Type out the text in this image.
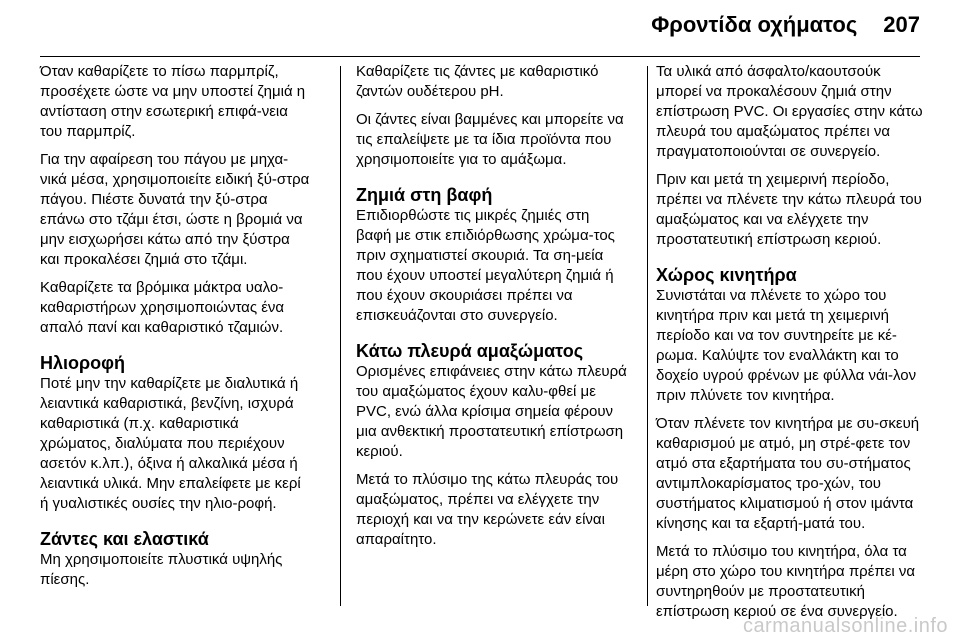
Φροντίδα οχήματος 207

Όταν καθαρίζετε το πίσω παρμπρίζ, προσέχετε ώστε να μην υποστεί ζημιά η αντίσταση στην εσωτερική επιφά-νεια του παρμπρίζ.

Για την αφαίρεση του πάγου με μηχα-νικά μέσα, χρησιμοποιείτε ειδική ξύ-στρα πάγου. Πιέστε δυνατά την ξύ-στρα επάνω στο τζάμι έτσι, ώστε η βρομιά να μην εισχωρήσει κάτω από την ξύστρα και προκαλέσει ζημιά στο τζάμι.

Καθαρίζετε τα βρόμικα μάκτρα υαλο-καθαριστήρων χρησιμοποιώντας ένα απαλό πανί και καθαριστικό τζαμιών.

Ηλιοροφή

Ποτέ μην την καθαρίζετε με διαλυτικά ή λειαντικά καθαριστικά, βενζίνη, ισχυρά καθαριστικά (π.χ. καθαριστικά χρώματος, διαλύματα που περιέχουν ασετόν κ.λπ.), όξινα ή αλκαλικά μέσα ή λειαντικά υλικά. Μην επαλείφετε με κερί ή γυαλιστικές ουσίες την ηλιο-ροφή.

Ζάντες και ελαστικά

Μη χρησιμοποιείτε πλυστικά υψηλής πίεσης.

Καθαρίζετε τις ζάντες με καθαριστικό ζαντών ουδέτερου pH.

Οι ζάντες είναι βαμμένες και μπορείτε να τις επαλείψετε με τα ίδια προϊόντα που χρησιμοποιείτε για το αμάξωμα.

Ζημιά στη βαφή

Επιδιορθώστε τις μικρές ζημιές στη βαφή με στικ επιδιόρθωσης χρώμα-τος πριν σχηματιστεί σκουριά. Τα ση-μεία που έχουν υποστεί μεγαλύτερη ζημιά ή που έχουν σκουριάσει πρέπει να επισκευάζονται στο συνεργείο.

Κάτω πλευρά αμαξώματος

Ορισμένες επιφάνειες στην κάτω πλευρά του αμαξώματος έχουν καλυ-φθεί με PVC, ενώ άλλα κρίσιμα σημεία φέρουν μια ανθεκτική προστατευτική επίστρωση κεριού.

Μετά το πλύσιμο της κάτω πλευράς του αμαξώματος, πρέπει να ελέγχετε την περιοχή και να την κερώνετε εάν είναι απαραίτητο.

Τα υλικά από άσφαλτο/καουτσούκ μπορεί να προκαλέσουν ζημιά στην επίστρωση PVC. Οι εργασίες στην κάτω πλευρά του αμαξώματος πρέπει να πραγματοποιούνται σε συνεργείο.

Πριν και μετά τη χειμερινή περίοδο, πρέπει να πλένετε την κάτω πλευρά του αμαξώματος και να ελέγχετε την προστατευτική επίστρωση κεριού.

Χώρος κινητήρα

Συνιστάται να πλένετε το χώρο του κινητήρα πριν και μετά τη χειμερινή περίοδο και να τον συντηρείτε με κέ-ρωμα. Καλύψτε τον εναλλάκτη και το δοχείο υγρού φρένων με φύλλα νάι-λον πριν πλύνετε τον κινητήρα.

Όταν πλένετε τον κινητήρα με συ-σκευή καθαρισμού με ατμό, μη στρέ-φετε τον ατμό στα εξαρτήματα του συ-στήματος αντιμπλοκαρίσματος τρο-χών, του συστήματος κλιματισμού ή στον ιμάντα κίνησης και τα εξαρτή-ματά του.

Μετά το πλύσιμο του κινητήρα, όλα τα μέρη στο χώρο του κινητήρα πρέπει να συντηρηθούν με προστατευτική επίστρωση κεριού σε ένα συνεργείο.

carmanualsonline.info
